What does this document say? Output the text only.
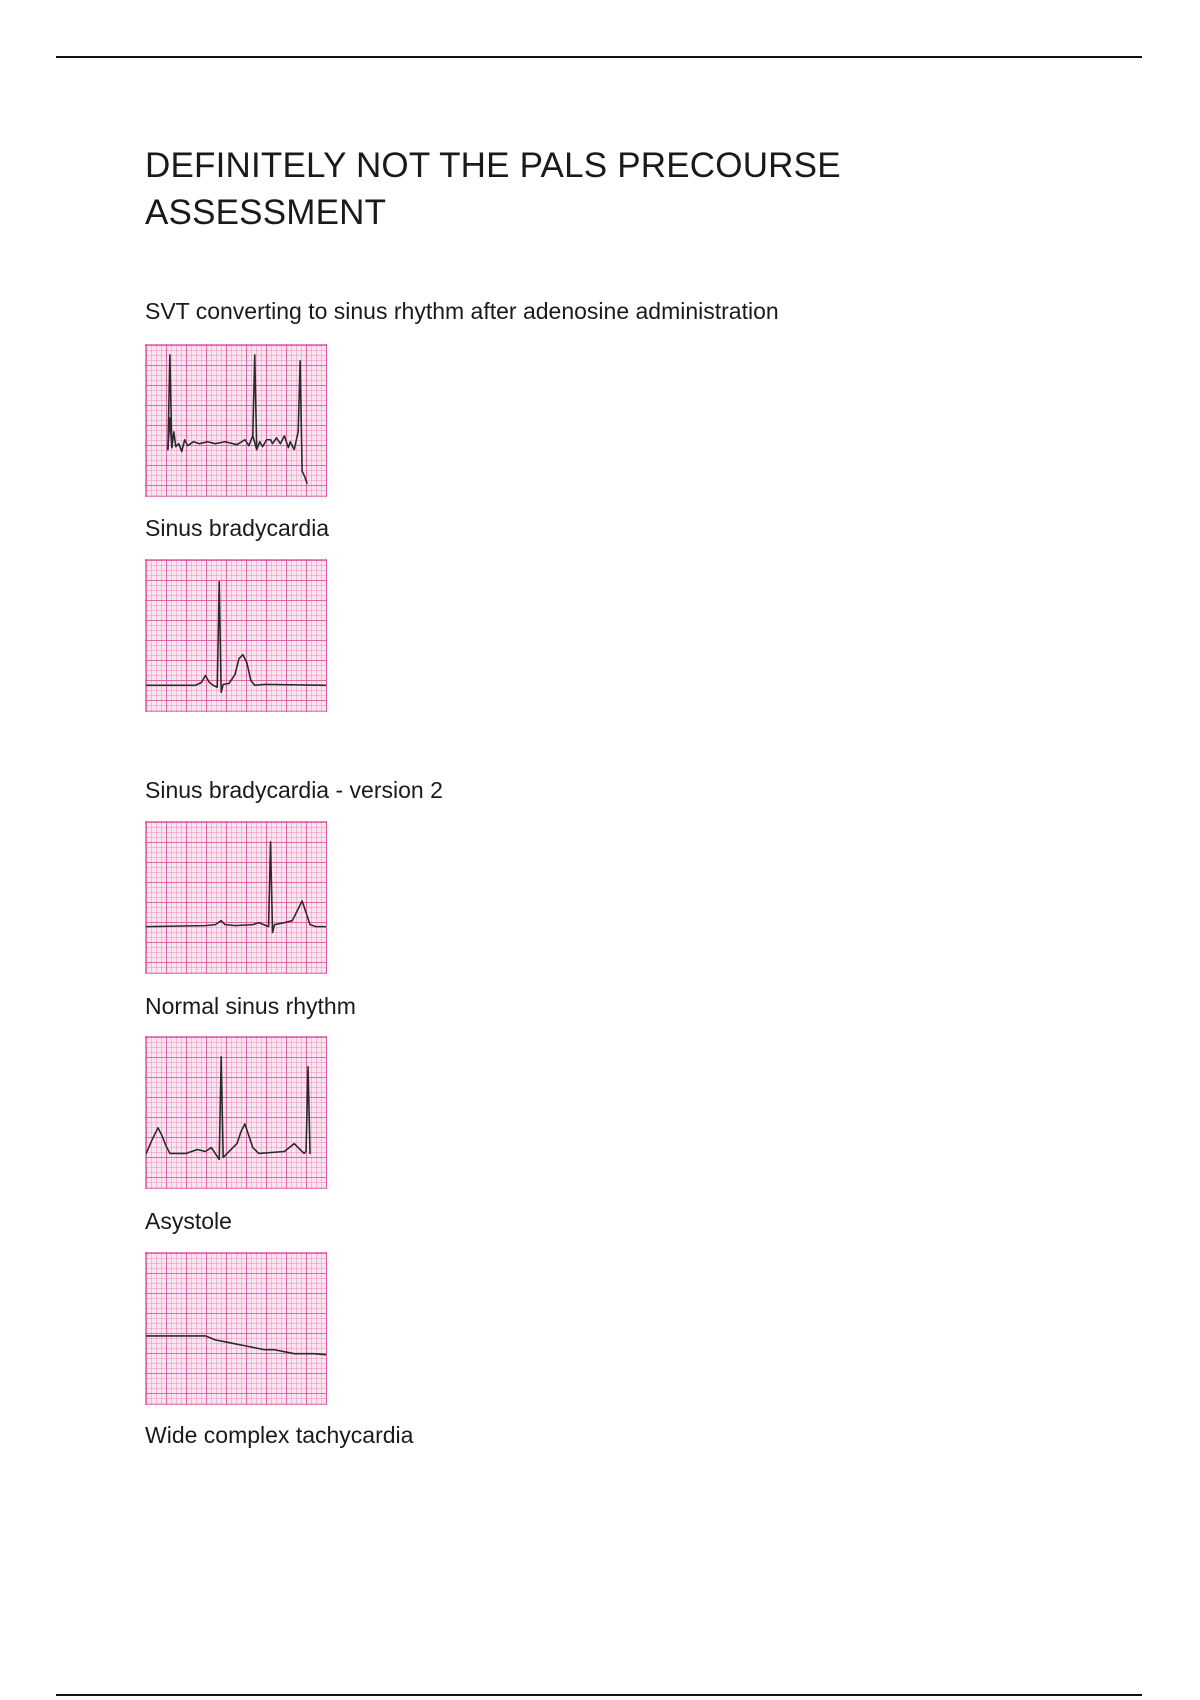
DEFINITELY NOT THE PALS PRECOURSE ASSESSMENT
SVT converting to sinus rhythm after adenosine administration
Sinus bradycardia
Sinus bradycardia - version 2
Normal sinus rhythm
Asystole
Wide complex tachycardia
